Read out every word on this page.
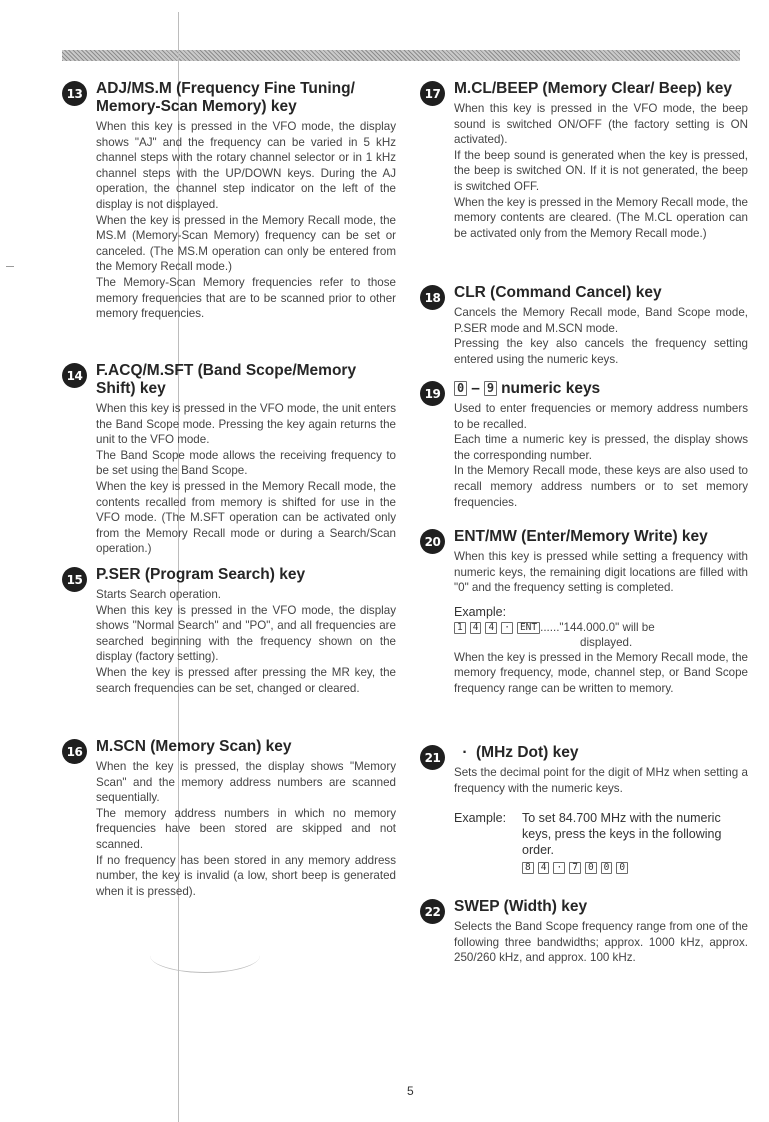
13 ADJ/MS.M (Frequency Fine Tuning/ Memory-Scan Memory) key

When this key is pressed in the VFO mode, the display shows "AJ" and the frequency can be varied in 5 kHz channel steps with the rotary channel selector or in 1 kHz channel steps with the UP/DOWN keys. During the AJ operation, the channel step indicator on the left of the display is not displayed.

When the key is pressed in the Memory Recall mode, the MS.M (Memory-Scan Memory) frequency can be set or canceled. (The MS.M operation can only be entered from the Memory Recall mode.)

The Memory-Scan Memory frequencies refer to those memory frequencies that are to be scanned prior to other memory frequencies.

14 F.ACQ/M.SFT (Band Scope/Memory Shift) key

When this key is pressed in the VFO mode, the unit enters the Band Scope mode. Pressing the key again returns the unit to the VFO mode.

The Band Scope mode allows the receiving frequency to be set using the Band Scope.

When the key is pressed in the Memory Recall mode, the contents recalled from memory is shifted for use in the VFO mode. (The M.SFT operation can be activated only from the Memory Recall mode or during a Search/Scan operation.)

15 P.SER (Program Search) key

Starts Search operation.

When this key is pressed in the VFO mode, the display shows "Normal Search" and "PO", and all frequencies are searched beginning with the frequency shown on the display (factory setting).

When the key is pressed after pressing the MR key, the search frequencies can be set, changed or cleared.

16 M.SCN (Memory Scan) key

When the key is pressed, the display shows "Memory Scan" and the memory address numbers are scanned sequentially.

The memory address numbers in which no memory frequencies have been stored are skipped and not scanned.

If no frequency has been stored in any memory address number, the key is invalid (a low, short beep is generated when it is pressed).

17 M.CL/BEEP (Memory Clear/ Beep) key

When this key is pressed in the VFO mode, the beep sound is switched ON/OFF (the factory setting is ON activated).

If the beep sound is generated when the key is pressed, the beep is switched ON. If it is not generated, the beep is switched OFF.

When the key is pressed in the Memory Recall mode, the memory contents are cleared. (The M.CL operation can be activated only from the Memory Recall mode.)

18 CLR (Command Cancel) key

Cancels the Memory Recall mode, Band Scope mode, P.SER mode and M.SCN mode.

Pressing the key also cancels the frequency setting entered using the numeric keys.

19	0 – 9 numeric keys

Used to enter frequencies or memory address numbers to be recalled.

Each time a numeric key is pressed, the display shows the corresponding number.

In the Memory Recall mode, these keys are also used to recall memory address numbers or to set memory frequencies.

20 ENT/MW (Enter/Memory Write) key

When this key is pressed while setting a frequency with numeric keys, the remaining digit locations are filled with "0" and the frequency setting is completed.

Example:
1 4 4 · ENT ......"144.000.0" will be
displayed.

When the key is pressed in the Memory Recall mode, the memory frequency, mode, channel step, or Band Scope frequency range can be written to memory.

21	· (MHz Dot) key

Sets the decimal point for the digit of MHz when setting a frequency with the numeric keys.

Example:	To set 84.700 MHz with the numeric keys, press the keys in the following order.
8 4 · 7 0 0 0
22 SWEP (Width) key

Selects the Band Scope frequency range from one of the following three bandwidths; approx. 1000 kHz, approx. 250/260 kHz, and approx. 100 kHz.

5
